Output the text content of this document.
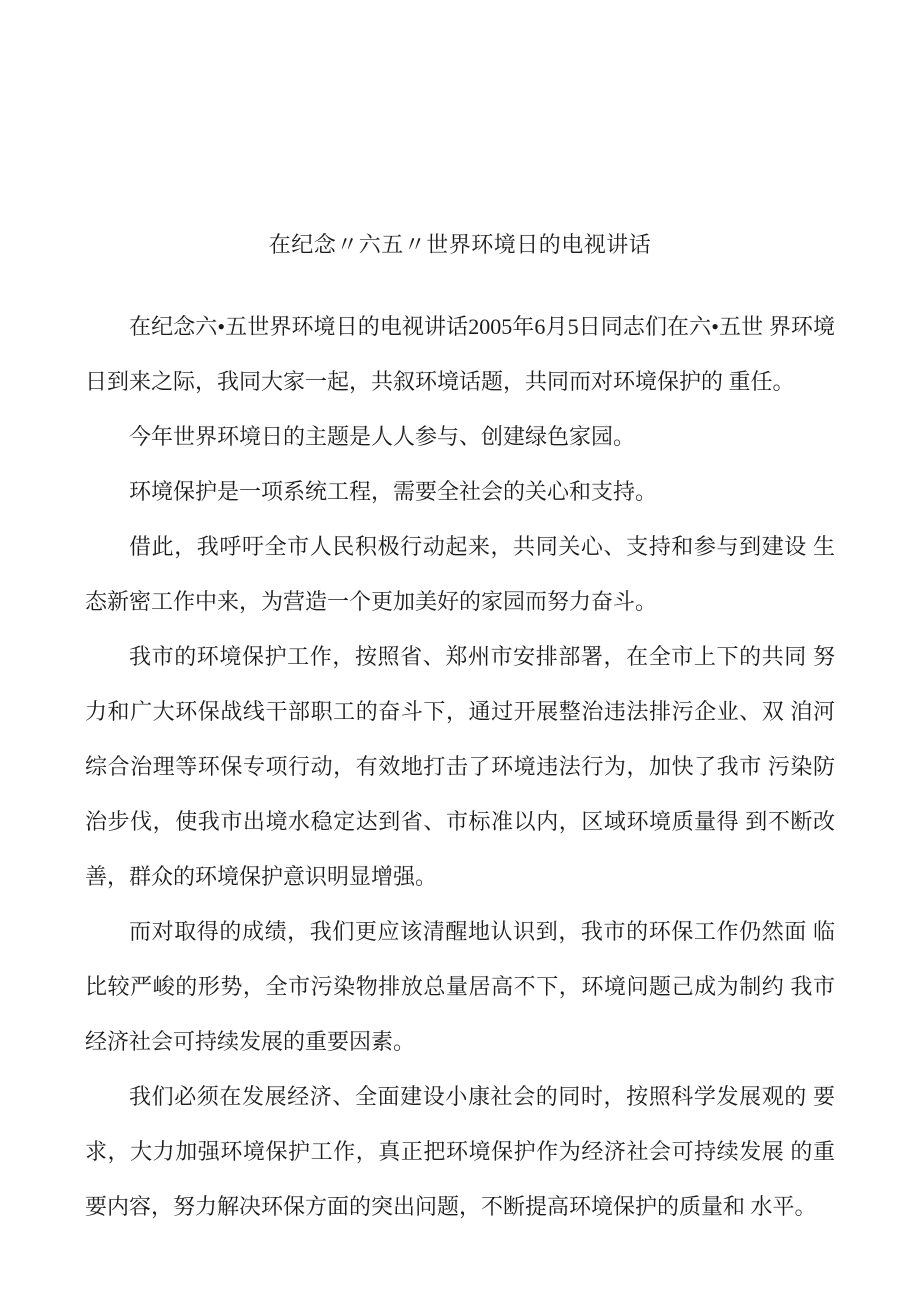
在纪念〃六五〃世界环境日的电视讲话

在纪念六•五世界环境日的电视讲话2005年6月5日同志们在六•五世 界环境日到来之际，我同大家一起，共叙环境话题，共同而对环境保护的 重任。

今年世界环境日的主题是人人参与、创建绿色家园。

环境保护是一项系统工程，需要全社会的关心和支持。

借此，我呼吁全市人民积极行动起来，共同关心、支持和参与到建设 生态新密工作中来，为营造一个更加美好的家园而努力奋斗。

我市的环境保护工作，按照省、郑州市安排部署，在全市上下的共同 努力和广大环保战线干部职工的奋斗下，通过开展整治违法排污企业、双 洎河综合治理等环保专项行动，有效地打击了环境违法行为，加快了我市 污染防治步伐，使我市出境水稳定达到省、市标准以内，区域环境质量得 到不断改善，群众的环境保护意识明显增强。

而对取得的成绩，我们更应该清醒地认识到，我市的环保工作仍然面 临比较严峻的形势，全市污染物排放总量居高不下，环境问题己成为制约 我市经济社会可持续发展的重要因素。

我们必须在发展经济、全面建设小康社会的同时，按照科学发展观的 要求，大力加强环境保护工作，真正把环境保护作为经济社会可持续发展 的重要内容，努力解决环保方面的突出问题，不断提高环境保护的质量和 水平。
